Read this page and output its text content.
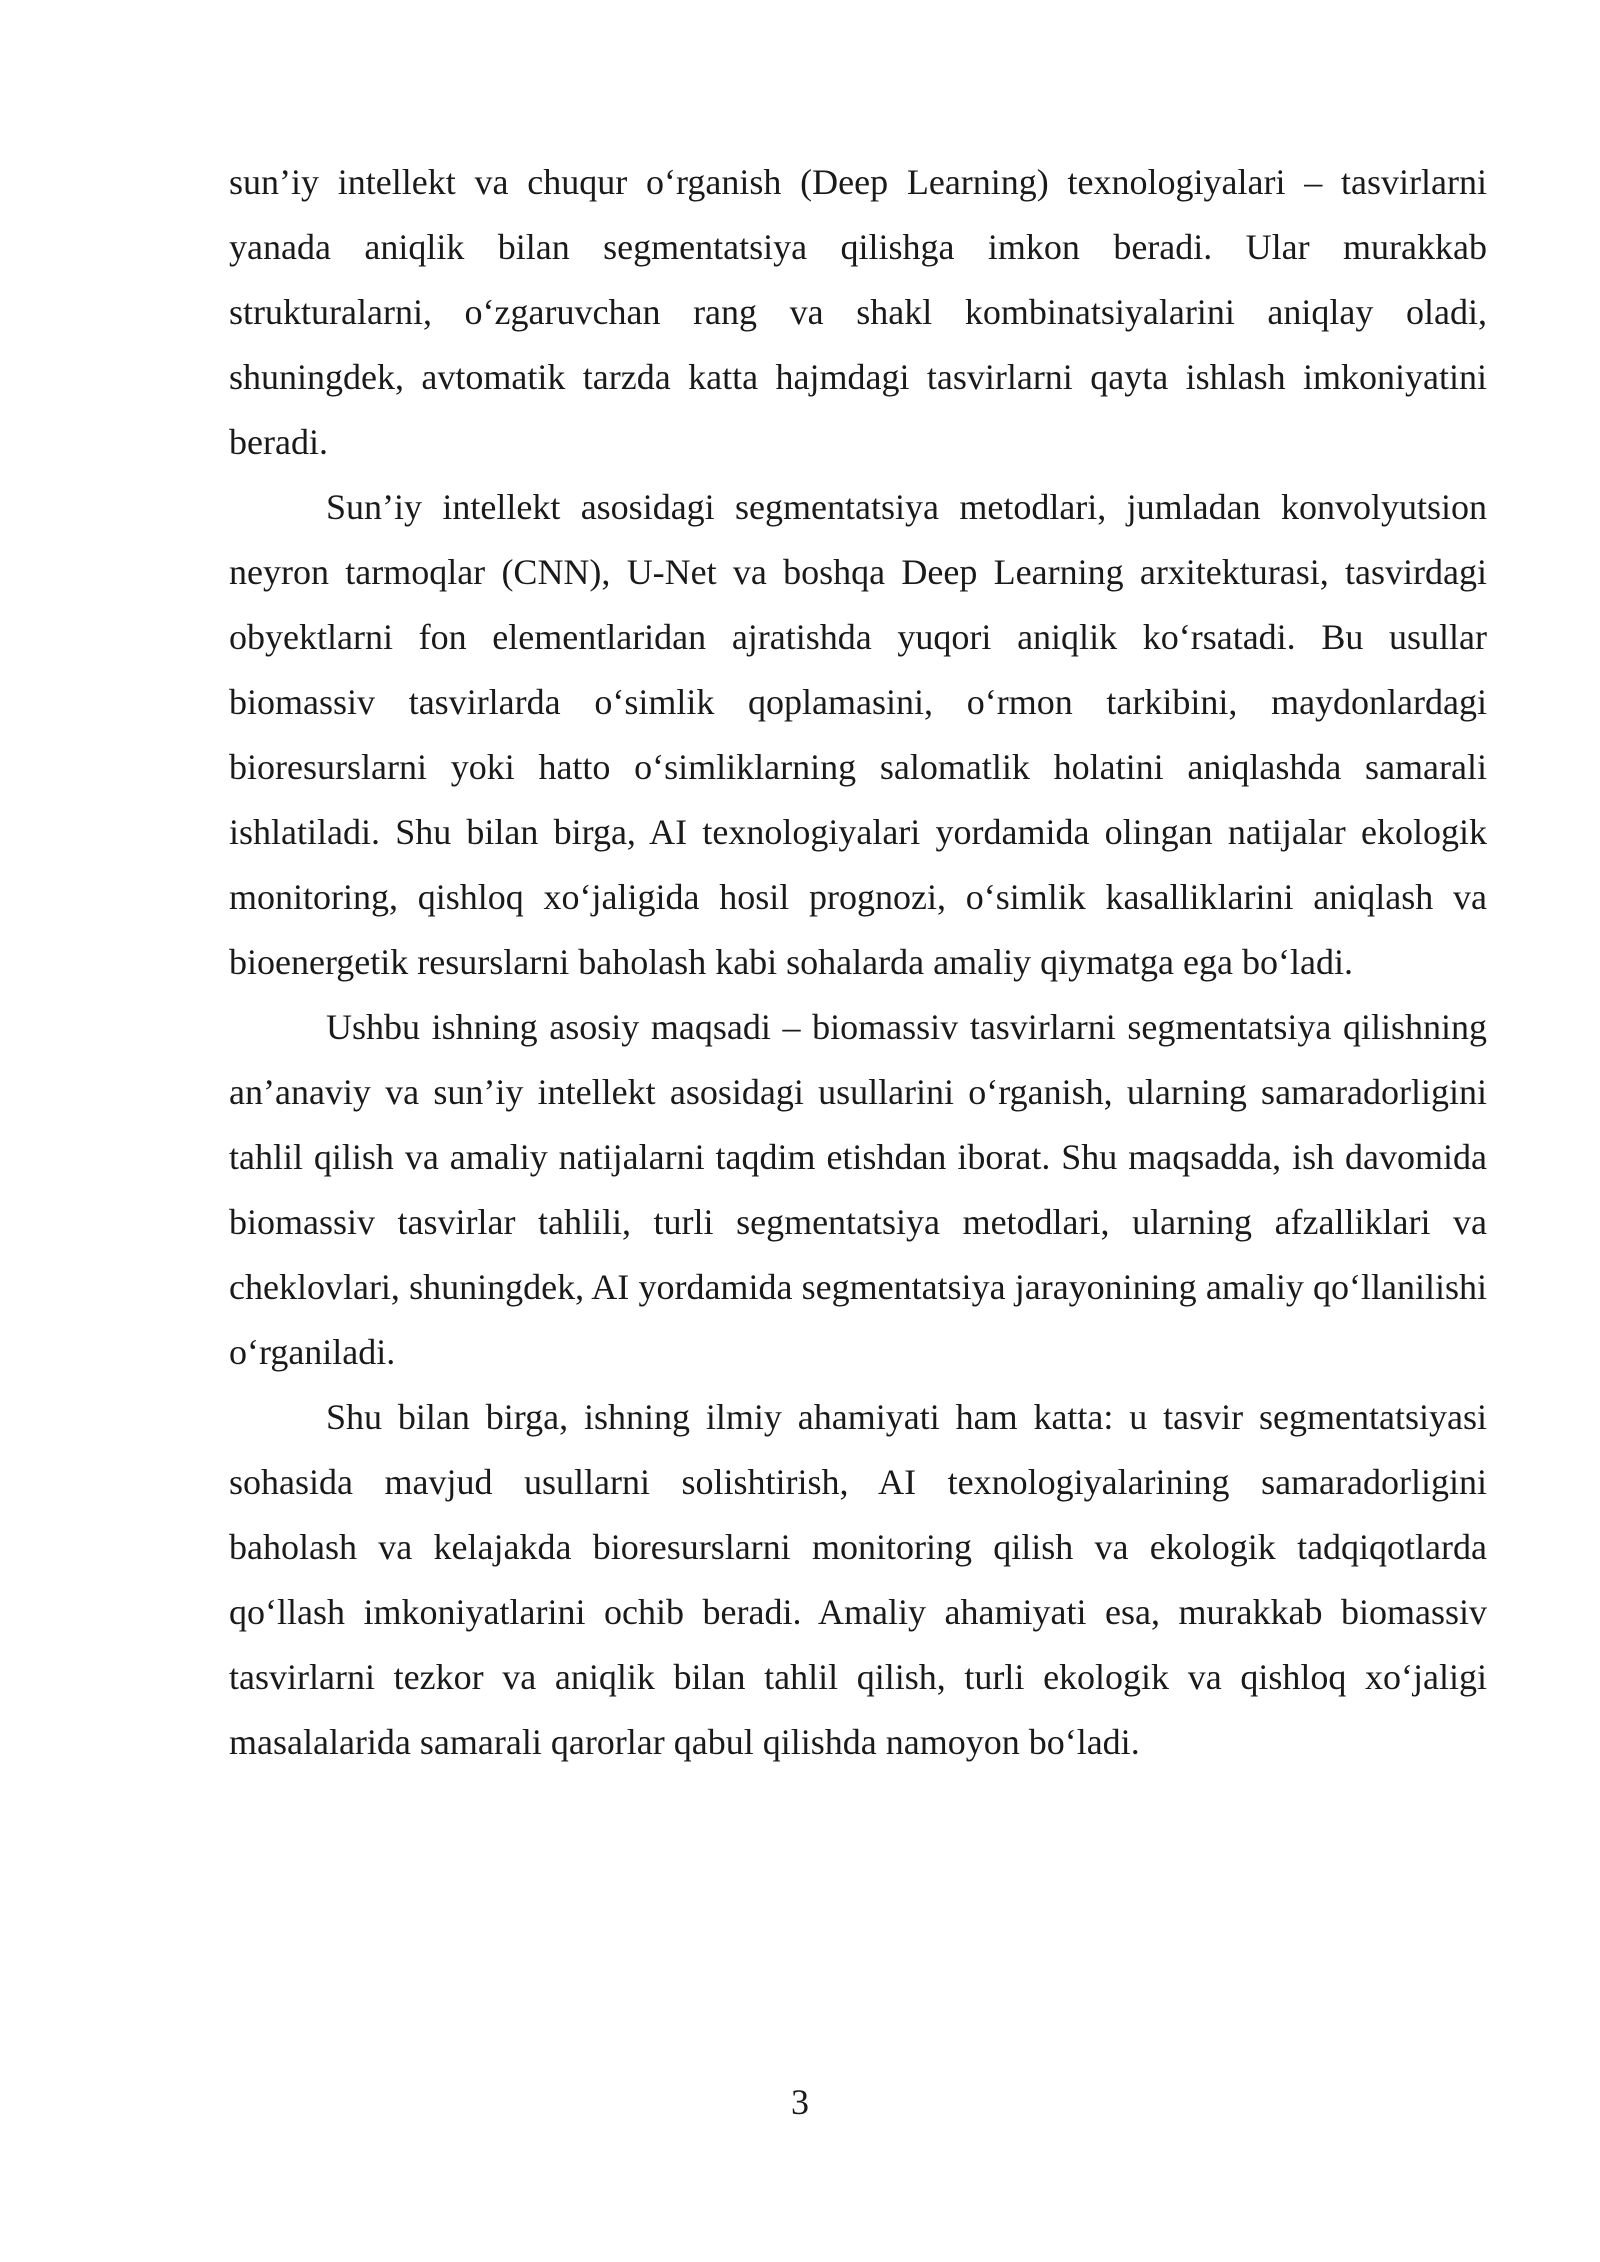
sun’iy intellekt va chuqur o‘rganish (Deep Learning) texnologiyalari – tasvirlarni yanada aniqlik bilan segmentatsiya qilishga imkon beradi. Ular murakkab strukturalarni, o‘zgaruvchan rang va shakl kombinatsiyalarini aniqlay oladi, shuningdek, avtomatik tarzda katta hajmdagi tasvirlarni qayta ishlash imkoniyatini beradi.

Sun’iy intellekt asosidagi segmentatsiya metodlari, jumladan konvolyutsion neyron tarmoqlar (CNN), U-Net va boshqa Deep Learning arxitekturasi, tasvirdagi obyektlarni fon elementlaridan ajratishda yuqori aniqlik ko‘rsatadi. Bu usullar biomassiv tasvirlarda o‘simlik qoplamasini, o‘rmon tarkibini, maydonlardagi bioresurslarni yoki hatto o‘simliklarning salomatlik holatini aniqlashda samarali ishlatiladi. Shu bilan birga, AI texnologiyalari yordamida olingan natijalar ekologik monitoring, qishloq xo‘jaligida hosil prognozi, o‘simlik kasalliklarini aniqlash va bioenergetik resurslarni baholash kabi sohalarda amaliy qiymatga ega bo‘ladi.

Ushbu ishning asosiy maqsadi – biomassiv tasvirlarni segmentatsiya qilishning an’anaviy va sun’iy intellekt asosidagi usullarini o‘rganish, ularning samaradorligini tahlil qilish va amaliy natijalarni taqdim etishdan iborat. Shu maqsadda, ish davomida biomassiv tasvirlar tahlili, turli segmentatsiya metodlari, ularning afzalliklari va cheklovlari, shuningdek, AI yordamida segmentatsiya jarayonining amaliy qo‘llanilishi o‘rganiladi.

Shu bilan birga, ishning ilmiy ahamiyati ham katta: u tasvir segmentatsiyasi sohasida mavjud usullarni solishtirish, AI texnologiyalarining samaradorligini baholash va kelajakda bioresurslarni monitoring qilish va ekologik tadqiqotlarda qo‘llash imkoniyatlarini ochib beradi. Amaliy ahamiyati esa, murakkab biomassiv tasvirlarni tezkor va aniqlik bilan tahlil qilish, turli ekologik va qishloq xo‘jaligi masalalarida samarali qarorlar qabul qilishda namoyon bo‘ladi.

3
